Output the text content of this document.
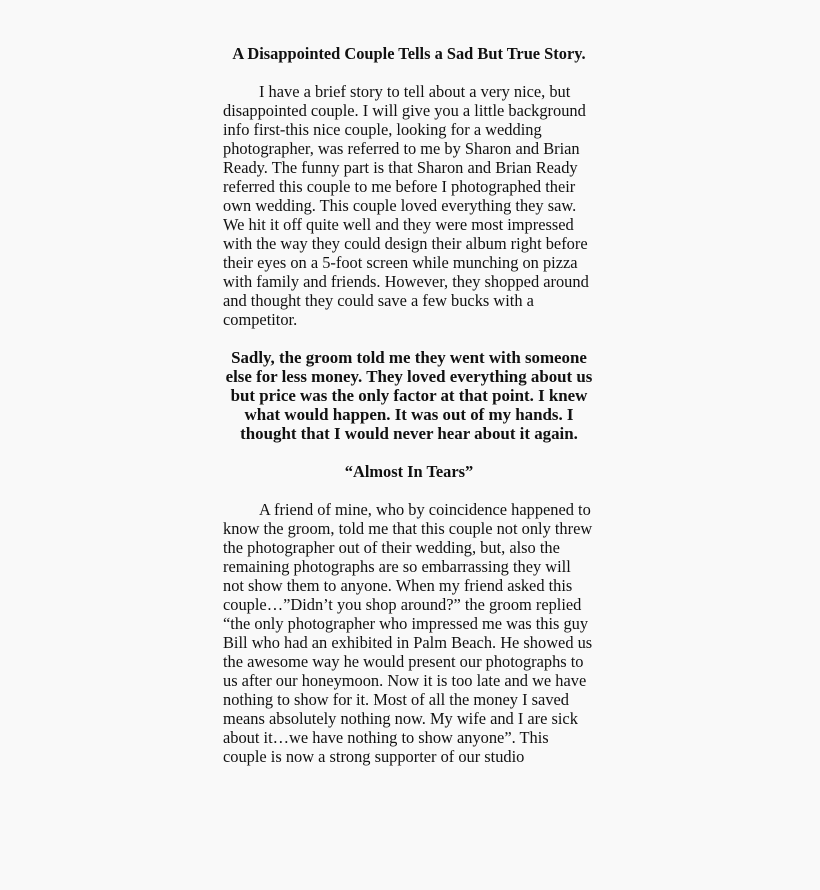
A Disappointed Couple Tells a Sad But True Story.

I have a brief story to tell about a very nice, but disappointed couple. I will give you a little background info first-this nice couple, looking for a wedding photographer, was referred to me by Sharon and Brian Ready. The funny part is that Sharon and Brian Ready referred this couple to me before I photographed their own wedding. This couple loved everything they saw. We hit it off quite well and they were most impressed with the way they could design their album right before their eyes on a 5-foot screen while munching on pizza with family and friends. However, they shopped around and thought they could save a few bucks with a competitor.

Sadly, the groom told me they went with someone else for less money. They loved everything about us but price was the only factor at that point. I knew what would happen. It was out of my hands. I thought that I would never hear about it again.

“Almost In Tears”

A friend of mine, who by coincidence happened to know the groom, told me that this couple not only threw the photographer out of their wedding, but, also the remaining photographs are so embarrassing they will not show them to anyone. When my friend asked this couple…”Didn’t you shop around?” the groom replied “the only photographer who impressed me was this guy Bill who had an exhibited in Palm Beach. He showed us the awesome way he would present our photographs to us after our honeymoon. Now it is too late and we have nothing to show for it. Most of all the money I saved means absolutely nothing now. My wife and I are sick about it…we have nothing to show anyone”. This couple is now a strong supporter of our studio
